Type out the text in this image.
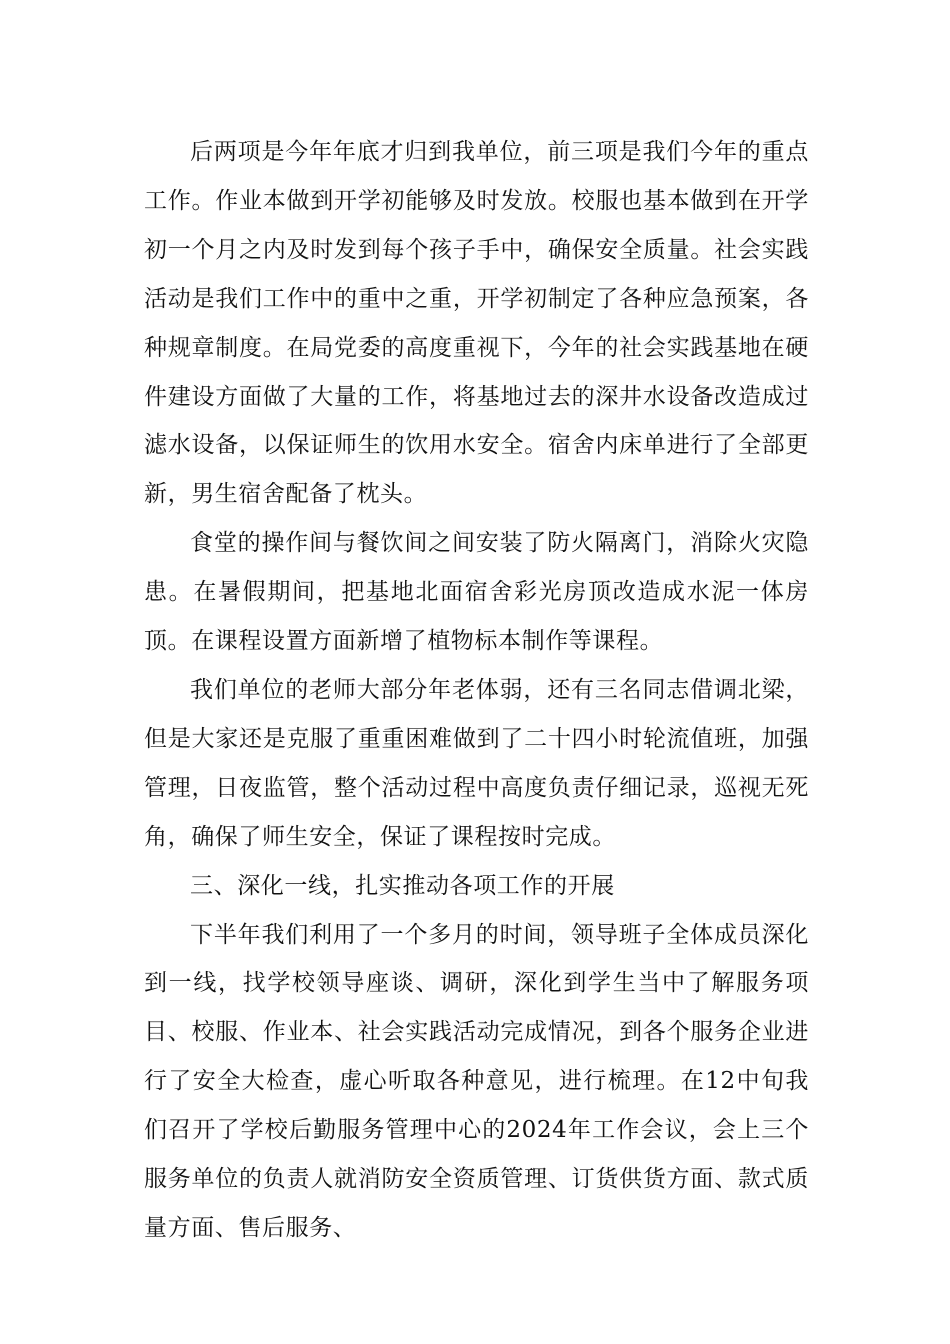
后两项是今年年底才归到我单位，前三项是我们今年的重点工作。作业本做到开学初能够及时发放。校服也基本做到在开学初一个月之内及时发到每个孩子手中，确保安全质量。社会实践活动是我们工作中的重中之重，开学初制定了各种应急预案，各种规章制度。在局党委的高度重视下，今年的社会实践基地在硬件建设方面做了大量的工作，将基地过去的深井水设备改造成过滤水设备，以保证师生的饮用水安全。宿舍内床单进行了全部更新，男生宿舍配备了枕头。

食堂的操作间与餐饮间之间安装了防火隔离门，消除火灾隐患。在暑假期间，把基地北面宿舍彩光房顶改造成水泥一体房顶。在课程设置方面新增了植物标本制作等课程。

我们单位的老师大部分年老体弱，还有三名同志借调北梁，但是大家还是克服了重重困难做到了二十四小时轮流值班，加强管理，日夜监管，整个活动过程中高度负责仔细记录，巡视无死角，确保了师生安全，保证了课程按时完成。

三、深化一线，扎实推动各项工作的开展

下半年我们利用了一个多月的时间，领导班子全体成员深化到一线，找学校领导座谈、调研，深化到学生当中了解服务项目、校服、作业本、社会实践活动完成情况，到各个服务企业进行了安全大检查，虚心听取各种意见，进行梳理。在12中旬我们召开了学校后勤服务管理中心的2024年工作会议，会上三个服务单位的负责人就消防安全资质管理、订货供货方面、款式质量方面、售后服务、
